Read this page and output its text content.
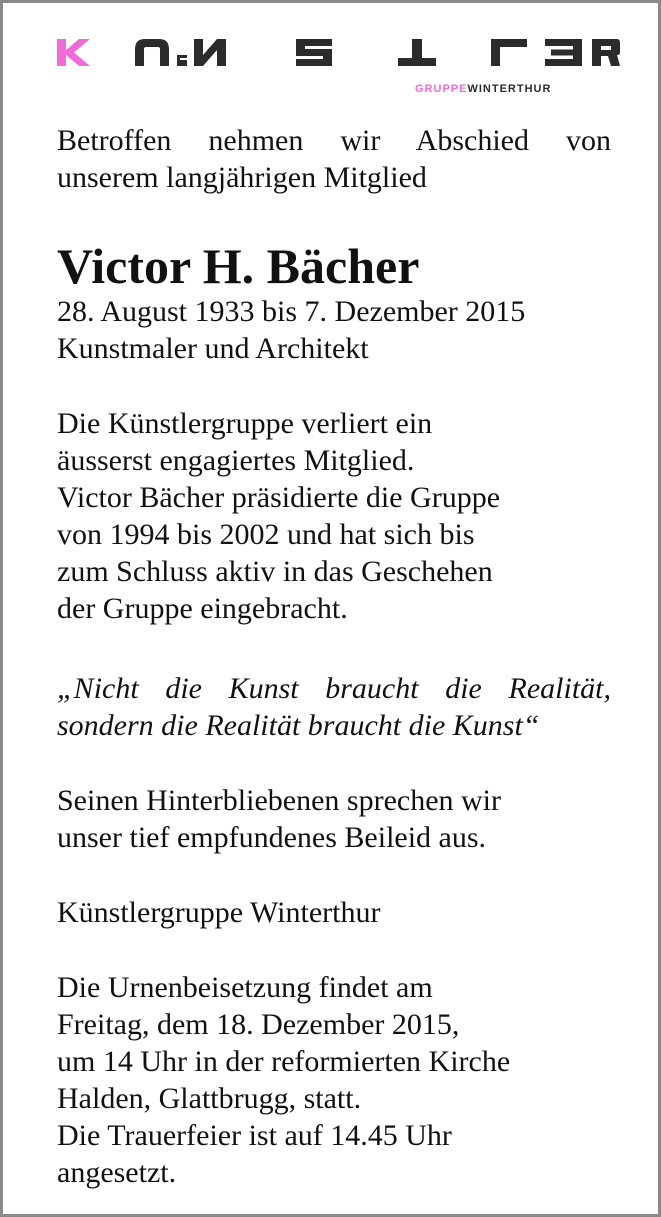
GRUPPEWINTERTHUR
Betroffen nehmen wir Abschied von
unserem langjährigen Mitglied
Victor H. Bächer
28. August 1933 bis 7. Dezember 2015
Kunstmaler und Architekt
Die Künstlergruppe verliert ein
äusserst engagiertes Mitglied.
Victor Bächer präsidierte die Gruppe
von 1994 bis 2002 und hat sich bis
zum Schluss aktiv in das Geschehen
der Gruppe eingebracht.
„Nicht die Kunst braucht die Realität,
sondern die Realität braucht die Kunst“
Seinen Hinterbliebenen sprechen wir
unser tief empfundenes Beileid aus.
Künstlergruppe Winterthur
Die Urnenbeisetzung findet am
Freitag, dem 18. Dezember 2015,
um 14 Uhr in der reformierten Kirche
Halden, Glattbrugg, statt.
Die Trauerfeier ist auf 14.45 Uhr
angesetzt.
